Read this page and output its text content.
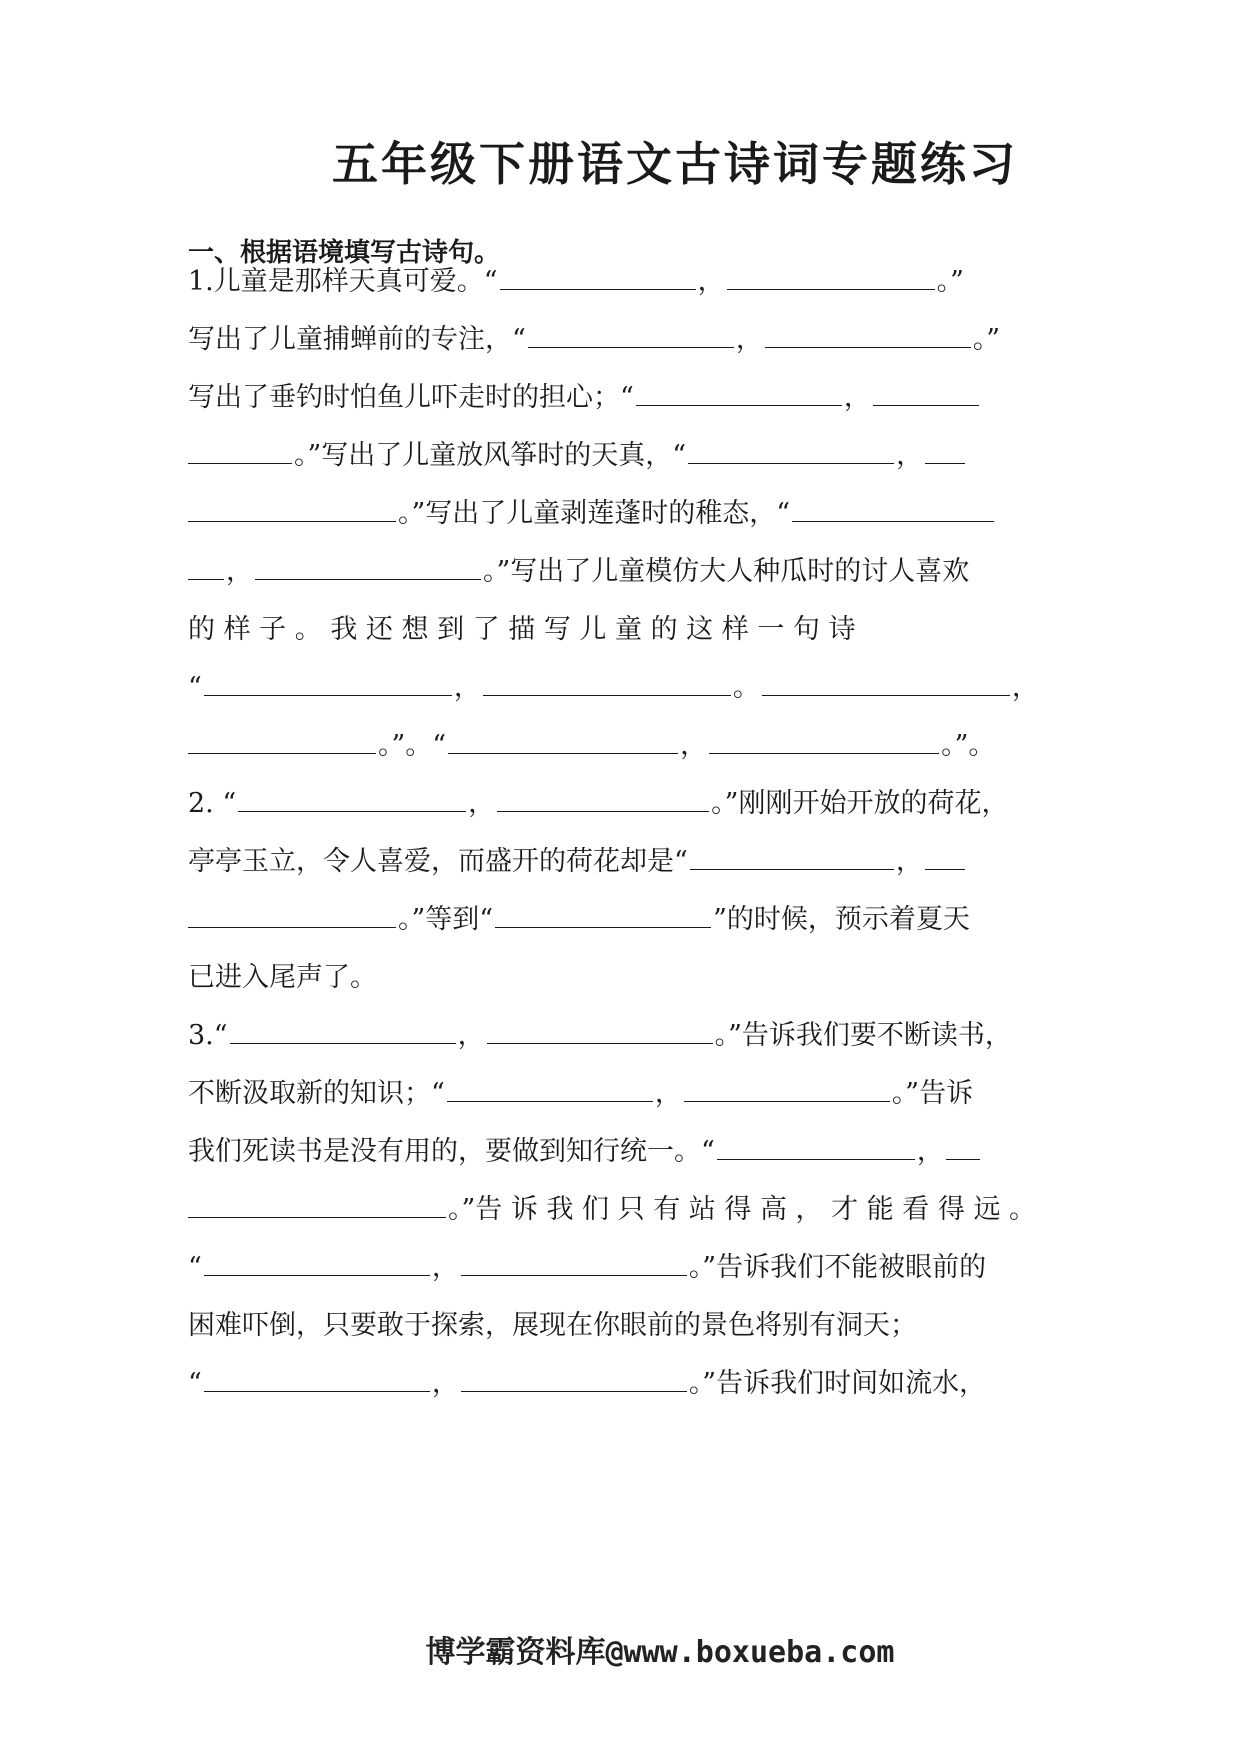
五年级下册语文古诗词专题练习
一、根据语境填写古诗句。
1.儿童是那样天真可爱。“	，	。”
写出了儿童捕蝉前的专注，“	，	。”
写出了垂钓时怕鱼儿吓走时的担心；“	，
。”写出了儿童放风筝时的天真，“	，
。”写出了儿童剥莲蓬时的稚态，“
，	。”写出了儿童模仿大人种瓜时的讨人喜欢
的 样 子 。 我 还 想 到 了 描 写 儿 童 的 这 样 一 句 诗
“	，	。	，
。”。“	，	。”。
2. “	，	。”刚刚开始开放的荷花，
亭亭玉立，令人喜爱，而盛开的荷花却是“	，
。”等到“	”的时候，预示着夏天
已进入尾声了。
3.“	，	。”告诉我们要不断读书，
不断汲取新的知识；“	，	。”告诉
我们死读书是没有用的，要做到知行统一。“	，
。”告 诉 我 们 只 有 站 得 高 ， 才 能 看 得 远 。
“	，	。”告诉我们不能被眼前的
困难吓倒，只要敢于探索，展现在你眼前的景色将别有洞天；
“	，	。”告诉我们时间如流水，
博学霸资料库@www.boxueba.com
